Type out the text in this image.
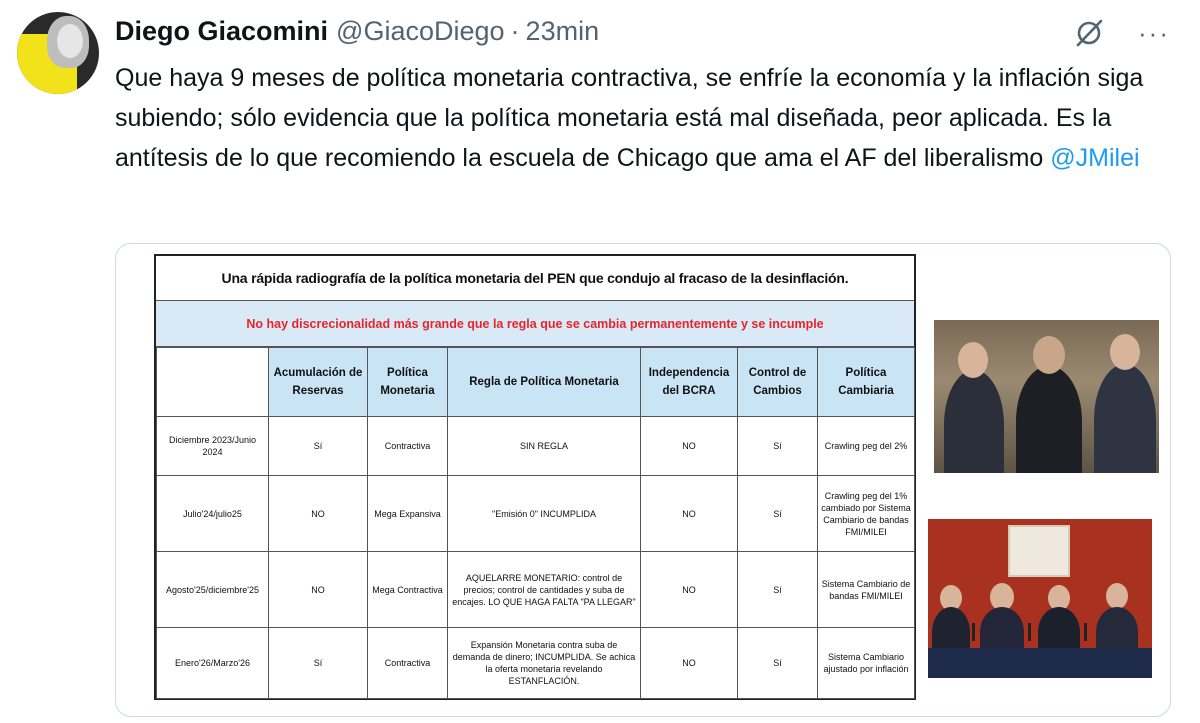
Diego Giacomini @GiacoDiego · 23min	···
Que haya 9 meses de política monetaria contractiva, se enfríe la economía y la inflación siga subiendo; sólo evidencia que la política monetaria está mal diseñada, peor aplicada. Es la antítesis de lo que recomiendo la escuela de Chicago que ama el AF del liberalismo @JMilei
Una rápida radiografía de la política monetaria del PEN que condujo al fracaso de la desinflación.
No hay discrecionalidad más grande que la regla que se cambia permanentemente y se incumple
	Acumulación de Reservas	Política Monetaria	Regla de Política Monetaria	Independencia del BCRA	Control de Cambios	Política Cambiaria
Diciembre 2023/Junio 2024	Sí	Contractiva	SIN REGLA	NO	Sí	Crawling peg del 2%
Julio'24/julio25	NO	Mega Expansiva	"Emisión 0" INCUMPLIDA	NO	Sí	Crawling peg del 1% cambiado por Sistema Cambiario de bandas FMI/MILEI
Agosto'25/diciembre'25	NO	Mega Contractiva	AQUELARRE MONETARIO: control de precios; control de cantidades y suba de encajes. LO QUE HAGA FALTA "PA LLEGAR"	NO	Sí	Sistema Cambiario de bandas FMI/MILEI
Enero'26/Marzo'26	Sí	Contractiva	Expansión Monetaria contra suba de demanda de dinero; INCUMPLIDA. Se achica la oferta monetaria revelando ESTANFLACIÓN.	NO	Sí	Sistema Cambiario ajustado por inflación
